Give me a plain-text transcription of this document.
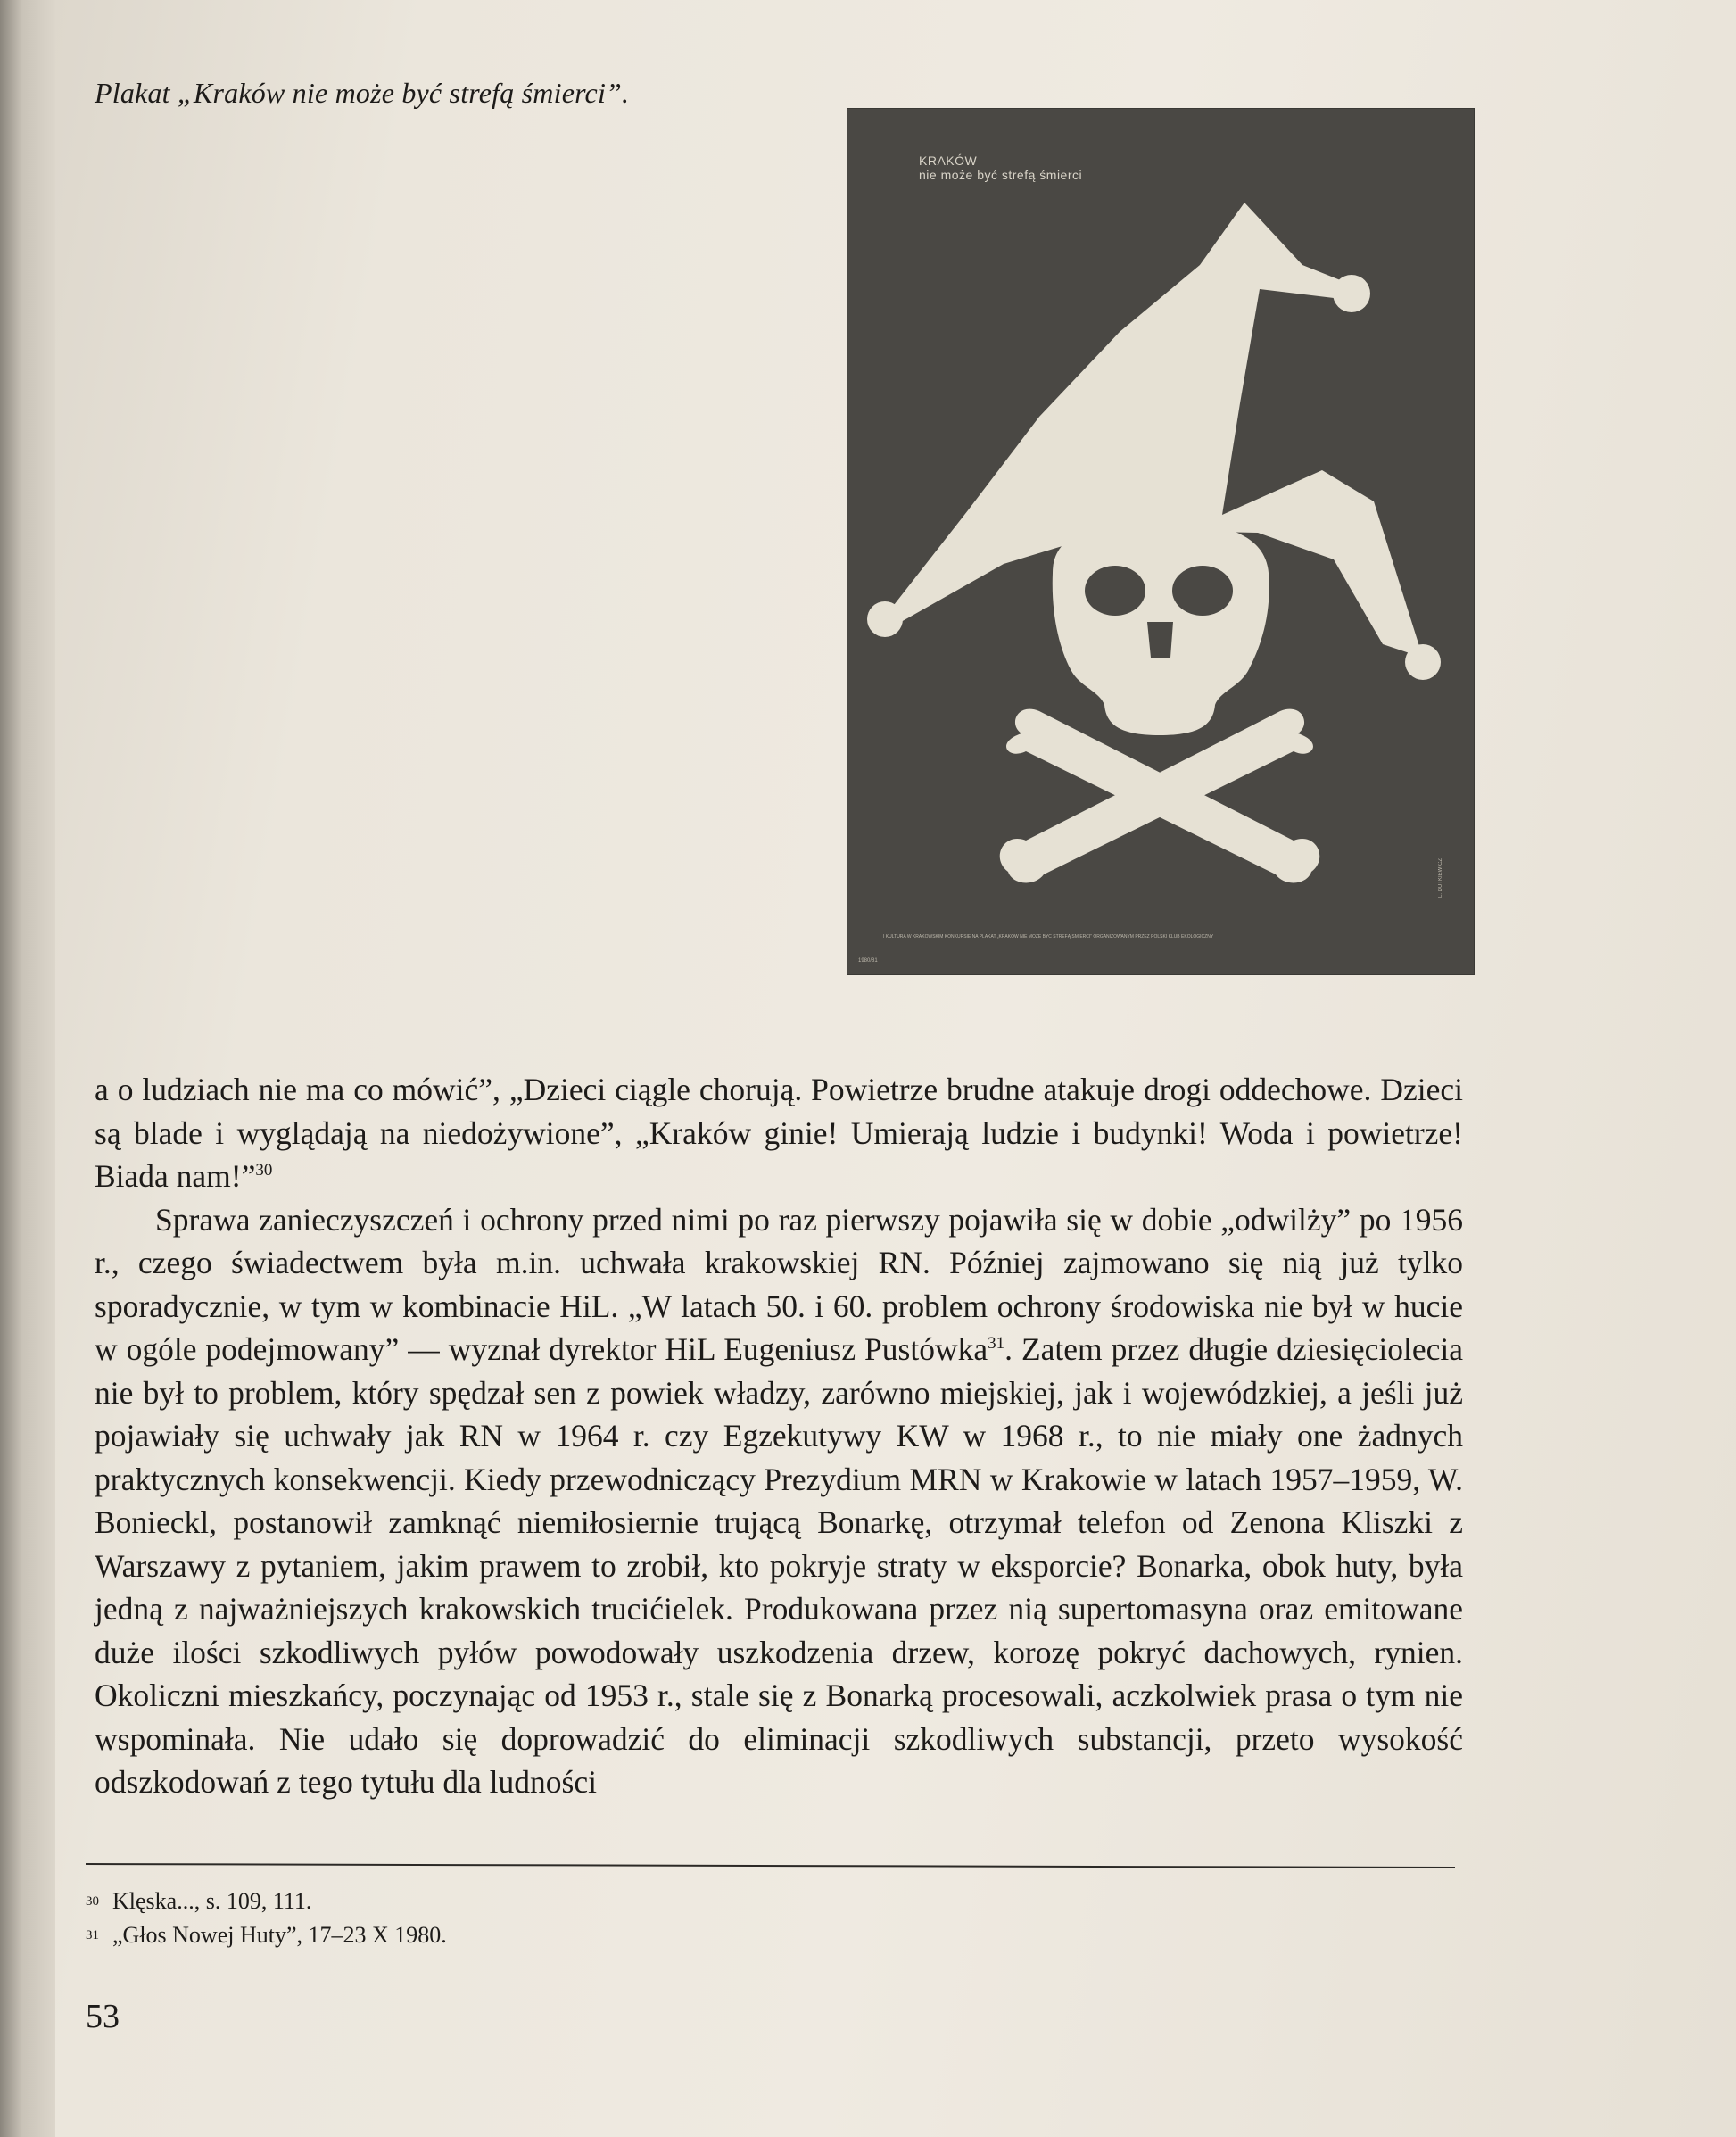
Plakat „Kraków nie może być strefą śmierci”.
KRAKÓW
nie może być strefą śmierci
I KULTURA W KRAKOWSKIM KONKURSIE NA PLAKAT „KRAKÓW NIE MOŻE BYĆ STREFĄ ŚMIERCI” ORGANIZOWANYM PRZEZ POLSKI KLUB EKOLOGICZNY
L. DUTKIEWICZ
1980/81

a o ludziach nie ma co mówić”, „Dzieci ciągle chorują. Powietrze brudne atakuje drogi oddechowe. Dzieci są blade i wyglądają na niedożywione”, „Kraków ginie! Umierają ludzie i budynki! Woda i powietrze! Biada nam!”$^{30}$

Sprawa zanieczyszczeń i ochrony przed nimi po raz pierwszy pojawiła się w dobie „odwilży” po 1956 r., czego świadectwem była m.in. uchwała krakowskiej RN. Później zajmowano się nią już tylko sporadycznie, w tym w kombinacie HiL. „W latach 50. i 60. problem ochrony środowiska nie był w hucie w ogóle podejmowany” — wyznał dyrektor HiL Eugeniusz Pustówka$^{31}$. Zatem przez długie dziesięciolecia nie był to problem, który spędzał sen z powiek władzy, zarówno miejskiej, jak i wojewódzkiej, a jeśli już pojawiały się uchwały jak RN w 1964 r. czy Egzekutywy KW w 1968 r., to nie miały one żadnych praktycznych konsekwencji. Kiedy przewodniczący Prezydium MRN w Krakowie w latach 1957–1959, W. Bonieckl, postanowił zamknąć niemiłosiernie trującą Bonarkę, otrzymał telefon od Zenona Kliszki z Warszawy z pytaniem, jakim prawem to zrobił, kto pokryje straty w eksporcie? Bonarka, obok huty, była jedną z najważniejszych krakowskich trucićielek. Produkowana przez nią supertomasyna oraz emitowane duże ilości szkodliwych pyłów powodowały uszkodzenia drzew, korozę pokryć dachowych, rynien. Okoliczni mieszkańcy, poczynając od 1953 r., stale się z Bonarką procesowali, aczkolwiek prasa o tym nie wspominała. Nie udało się doprowadzić do eliminacji szkodliwych substancji, przeto wysokość odszkodowań z tego tytułu dla ludności

30 Klęska..., s. 109, 111.
31 „Głos Nowej Huty”, 17–23 X 1980.
53
